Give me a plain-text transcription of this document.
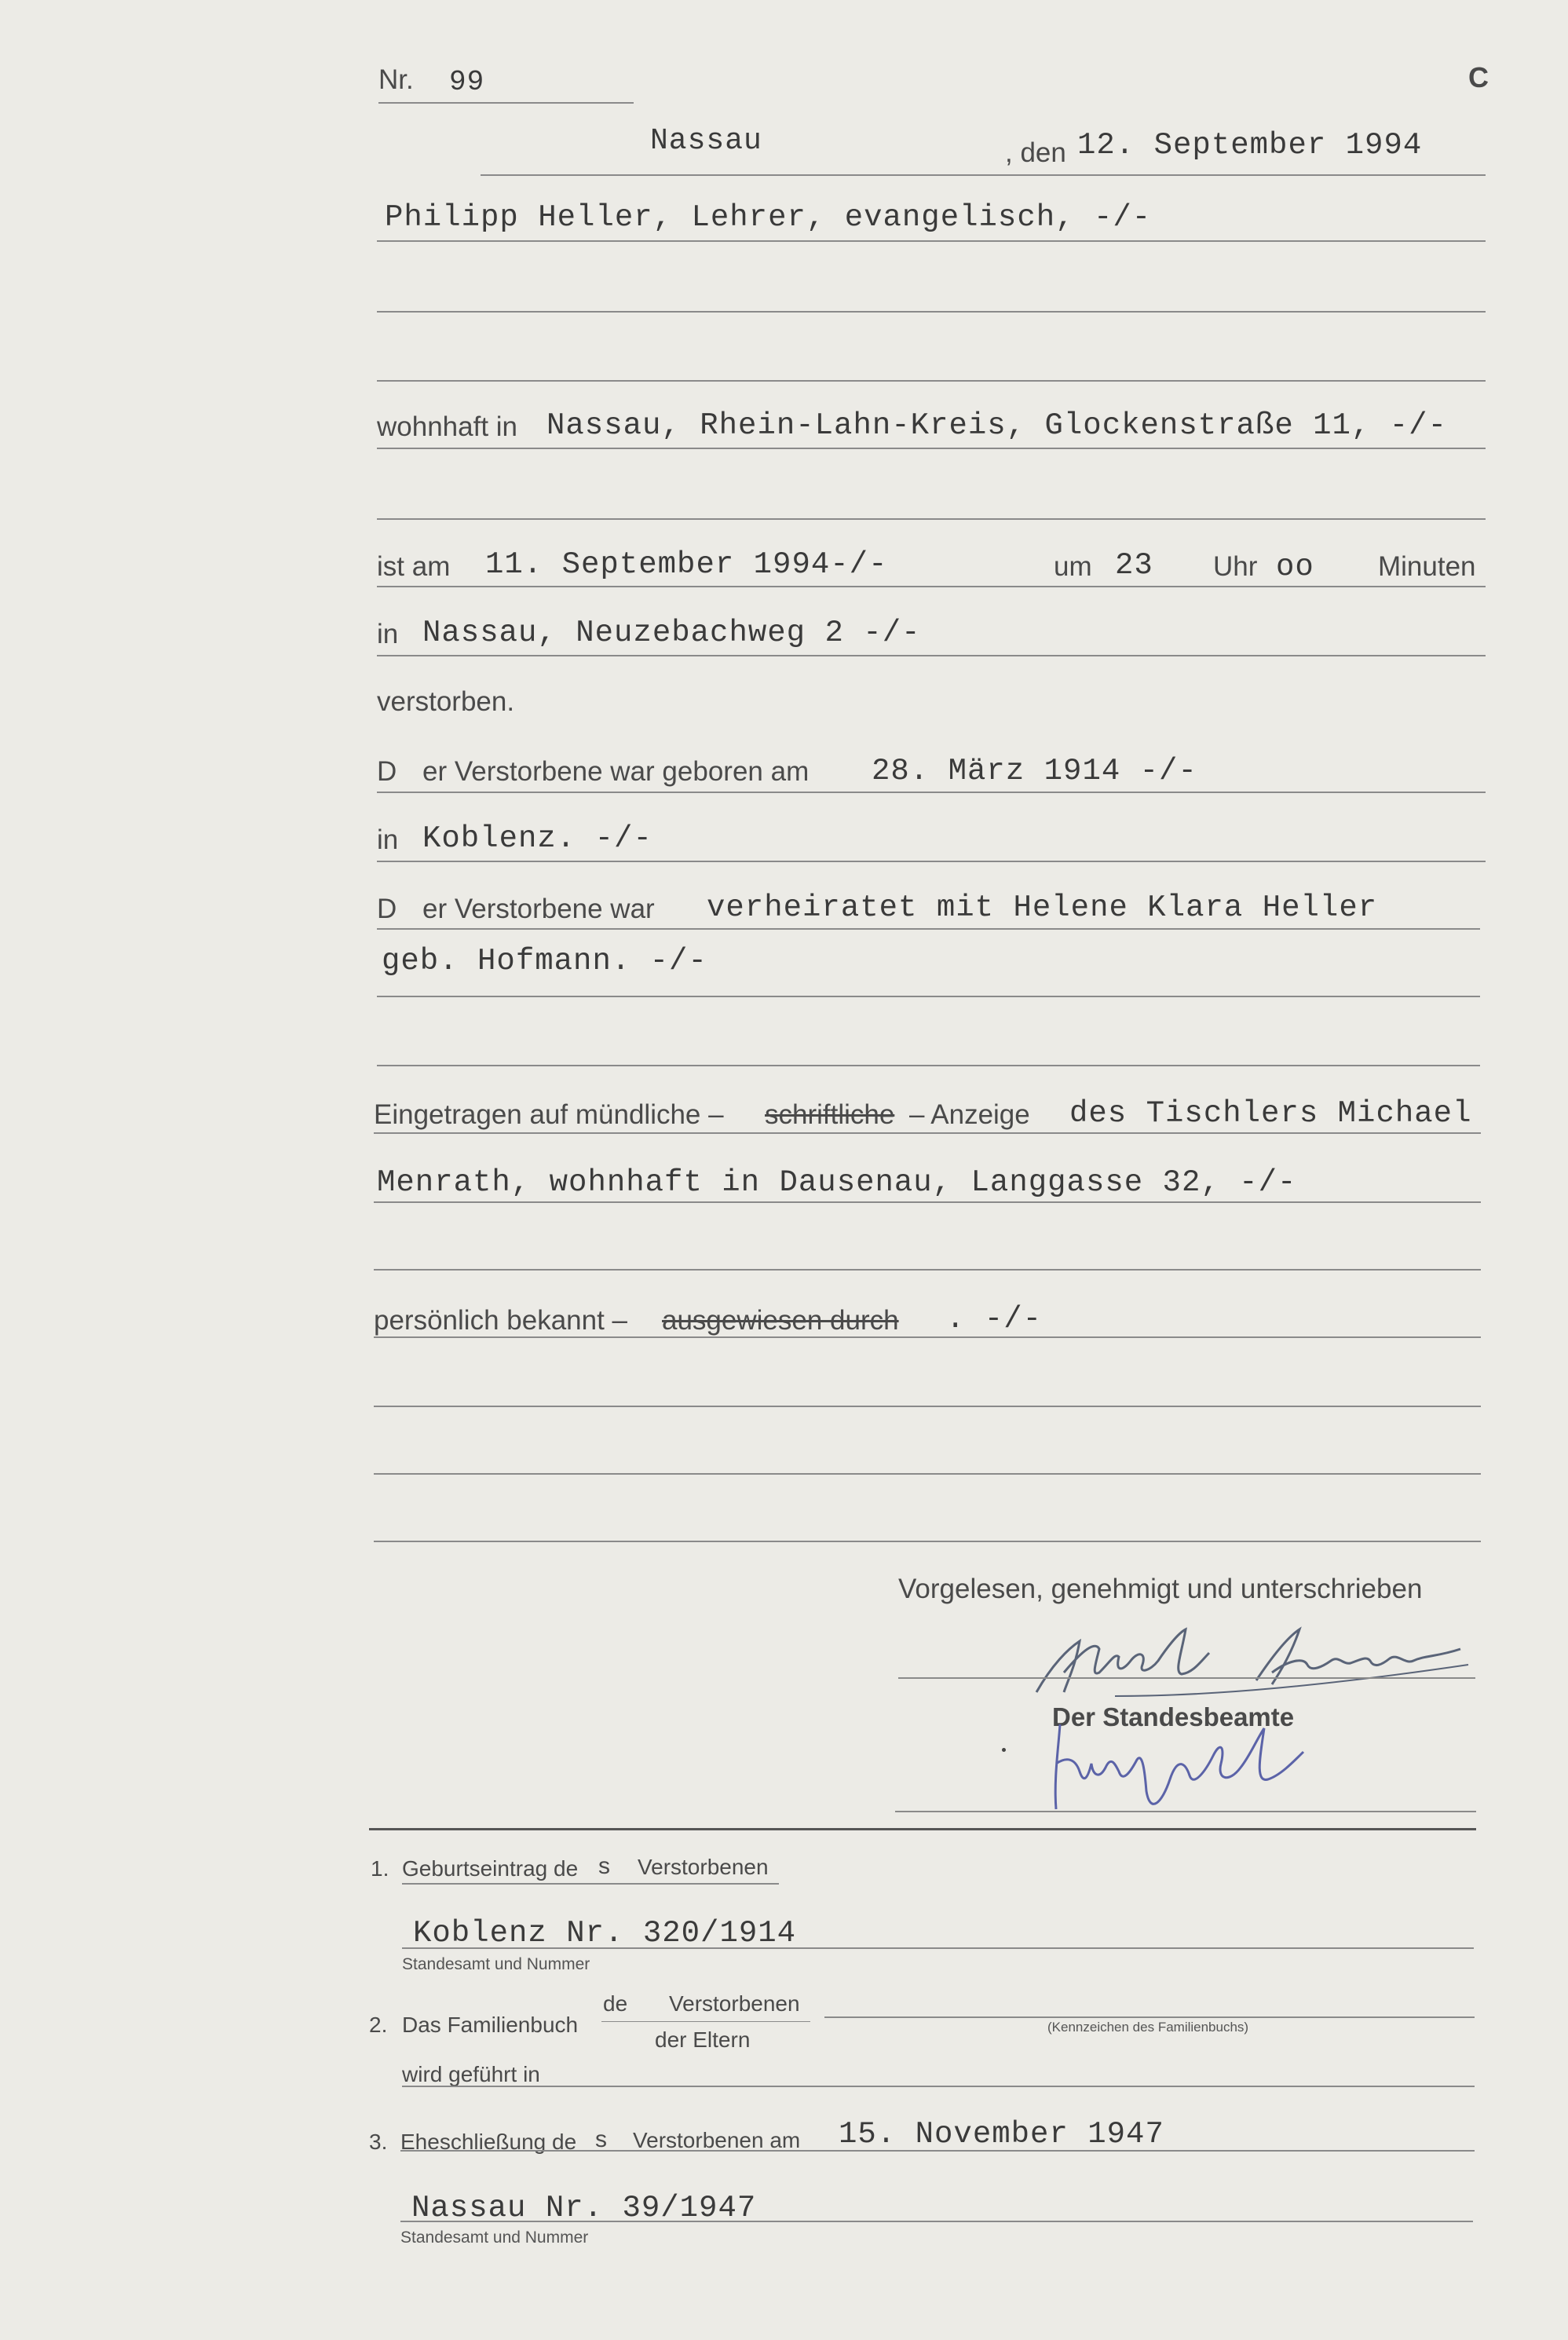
Nr. 99	C
Nassau	, den 12. September 1994
Philipp Heller, Lehrer, evangelisch, -/-
wohnhaft in Nassau, Rhein-Lahn-Kreis, Glockenstraße 11, -/-
ist am 11. September 1994-/-	um 23 Uhr oo Minuten
in Nassau, Neuzebachweg 2 -/-
verstorben.
D er Verstorbene war geboren am 28. März 1914 -/-
in Koblenz. -/-
D er Verstorbene war verheiratet mit Helene Klara Heller
geb. Hofmann. -/-
Eingetragen auf mündliche – schriftliche – Anzeige des Tischlers Michael
Menrath, wohnhaft in Dausenau, Langgasse 32, -/-
persönlich bekannt – ausgewiesen durch . -/-
Vorgelesen, genehmigt und unterschrieben
Der Standesbeamte
1. Geburtseintrag de s Verstorbenen
Koblenz Nr. 320/1914
Standesamt und Nummer
2. Das Familienbuch
de Verstorbenen
der Eltern
(Kennzeichen des Familienbuchs)
wird geführt in
3. Eheschließung de s Verstorbenen am 15. November 1947
Nassau Nr. 39/1947
Standesamt und Nummer
